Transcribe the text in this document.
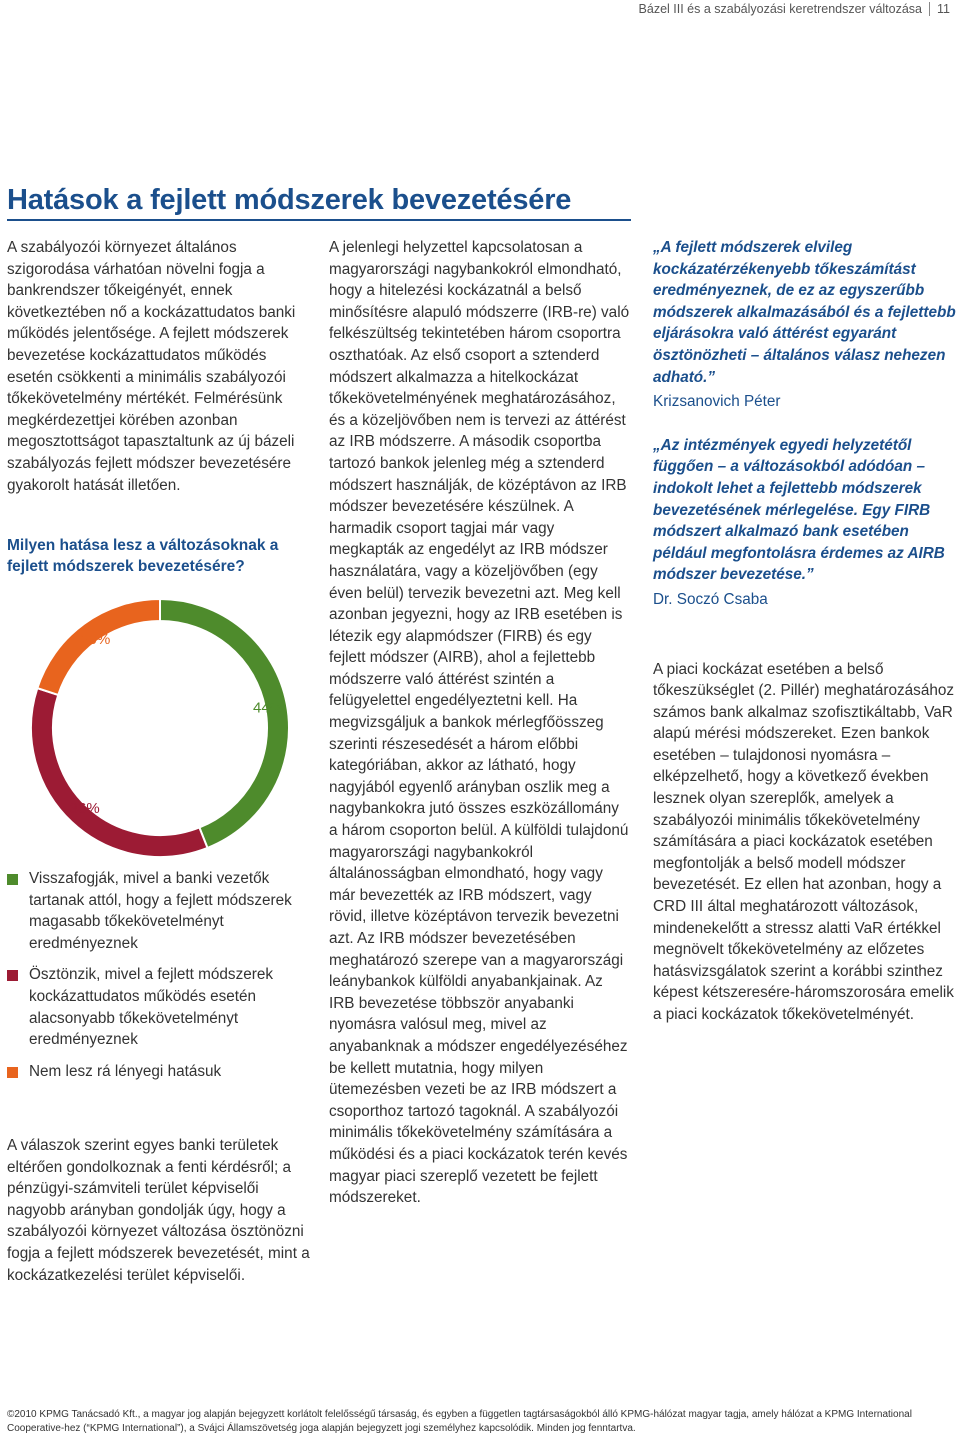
Bázel III és a szabályozási keretrendszer változása 11
Hatások a fejlett módszerek bevezetésére

A szabályozói környezet általános szigorodása várhatóan növelni fogja a bankrendszer tőkeigényét, ennek következtében nő a kockázattudatos banki működés jelentősége. A fejlett módszerek bevezetése kockázattudatos működés esetén csökkenti a minimális szabályozói tőkekövetelmény mértékét. Felmérésünk megkérdezettjei körében azonban megosztottságot tapasztaltunk az új bázeli szabályozás fejlett módszer bevezetésére gyakorolt hatását illetően.

Milyen hatása lesz a változásoknak a fejlett módszerek bevezetésére?
44%
36%
20%
Visszafogják, mivel a banki vezetők tartanak attól, hogy a fejlett módszerek magasabb tőkekövetelményt eredményeznek
Ösztönzik, mivel a fejlett módszerek kockázattudatos működés esetén alacsonyabb tőkekövetelményt eredményeznek
Nem lesz rá lényegi hatásuk
A válaszok szerint egyes banki területek eltérően gondolkoznak a fenti kérdésről; a pénzügyi-számviteli terület képviselői nagyobb arányban gondolják úgy, hogy a szabályozói környezet változása ösztönözni fogja a fejlett módszerek bevezetését, mint a kockázatkezelési terület képviselői.

A jelenlegi helyzettel kapcsolatosan a magyarországi nagybankokról elmondható, hogy a hitelezési kockázatnál a belső minősítésre alapuló módszerre (IRB-re) való felkészültség tekintetében három csoportra oszthatóak. Az első csoport a sztenderd módszert alkalmazza a hitelkockázat tőkekövetelményének meghatározásához, és a közeljövőben nem is tervezi az áttérést az IRB módszerre. A második csoportba tartozó bankok jelenleg még a sztenderd módszert használják, de középtávon az IRB módszer bevezetésére készülnek. A harmadik csoport tagjai már vagy megkapták az engedélyt az IRB módszer használatára, vagy a közeljövőben (egy éven belül) tervezik bevezetni azt. Meg kell azonban jegyezni, hogy az IRB esetében is létezik egy alapmódszer (FIRB) és egy fejlett módszer (AIRB), ahol a fejlettebb módszerre való áttérést szintén a felügyelettel engedélyeztetni kell. Ha megvizsgáljuk a bankok mérlegfőösszeg szerinti részesedését a három előbbi kategóriában, akkor az látható, hogy nagyjából egyenlő arányban oszlik meg a nagybankokra jutó összes eszközállomány a három csoporton belül. A külföldi tulajdonú magyarországi nagybankokról általánosságban elmondható, hogy vagy már bevezették az IRB módszert, vagy rövid, illetve középtávon tervezik bevezetni azt. Az IRB módszer bevezetésében meghatározó szerepe van a magyarországi leánybankok külföldi anyabankjainak. Az IRB bevezetése többször anyabanki nyomásra valósul meg, mivel az anyabanknak a módszer engedélyezéséhez be kellett mutatnia, hogy milyen ütemezésben vezeti be az IRB módszert a csoporthoz tartozó tagoknál. A szabályozói minimális tőkekövetelmény számítására a működési és a piaci kockázatok terén kevés magyar piaci szereplő vezetett be fejlett módszereket.

„A fejlett módszerek elvileg kockázatérzékenyebb tőkeszámítást eredményeznek, de ez az egyszerűbb módszerek alkalmazásából és a fejlettebb eljárásokra való áttérést egyaránt ösztönözheti – általános válasz nehezen adható.”
Krizsanovich Péter
„Az intézmények egyedi helyzetétől függően – a változásokból adódóan – indokolt lehet a fejlettebb módszerek bevezetésének mérlegelése. Egy FIRB módszert alkalmazó bank esetében például megfontolásra érdemes az AIRB módszer bevezetése.”
Dr. Soczó Csaba

A piaci kockázat esetében a belső tőkeszükséglet (2. Pillér) meghatározásához számos bank alkalmaz szofisztikáltabb, VaR alapú mérési módszereket. Ezen bankok esetében – tulajdonosi nyomásra – elképzelhető, hogy a következő években lesznek olyan szereplők, amelyek a szabályozói minimális tőkekövetelmény számítására a piaci kockázatok esetében megfontolják a belső modell módszer bevezetését. Ez ellen hat azonban, hogy a CRD III által meghatározott változások, mindenekelőtt a stressz alatti VaR értékkel megnövelt tőkekövetelmény az előzetes hatásvizsgálatok szerint a korábbi szinthez képest kétszeresére-háromszorosára emelik a piaci kockázatok tőkekövetelményét.

©2010 KPMG Tanácsadó Kft., a magyar jog alapján bejegyzett korlátolt felelősségű társaság, és egyben a független tagtársaságokból álló KPMG-hálózat magyar tagja, amely hálózat a KPMG International Cooperative-hez (“KPMG International”), a Svájci Államszövetség joga alapján bejegyzett jogi személyhez kapcsolódik. Minden jog fenntartva.
